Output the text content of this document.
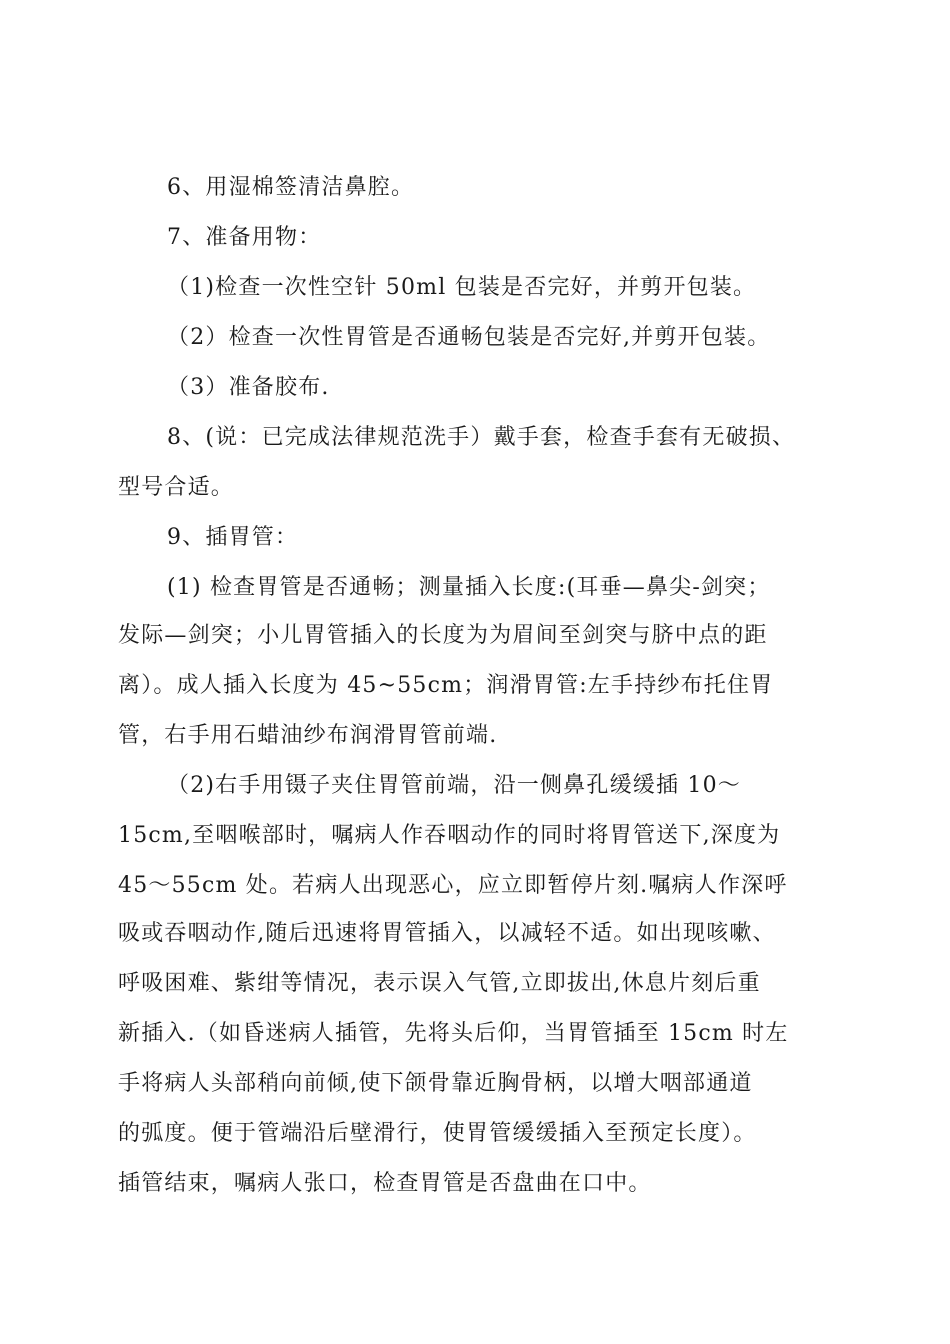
6、用湿棉签清洁鼻腔。
7、准备用物：
（1)检查一次性空针 50ml 包装是否完好，并剪开包装。
（2）检查一次性胃管是否通畅包装是否完好,并剪开包装。
（3）准备胶布.
8、(说：已完成法律规范洗手）戴手套，检查手套有无破损、
型号合适。
9、插胃管：
(1) 检查胃管是否通畅；测量插入长度:(耳垂—鼻尖-剑突；
发际—剑突；小儿胃管插入的长度为为眉间至剑突与脐中点的距
离）。成人插入长度为 45~55cm；润滑胃管:左手持纱布托住胃
管，右手用石蜡油纱布润滑胃管前端.
（2)右手用镊子夹住胃管前端，沿一侧鼻孔缓缓插 10～
15cm,至咽喉部时，嘱病人作吞咽动作的同时将胃管送下,深度为
45～55cm 处。若病人出现恶心，应立即暂停片刻.嘱病人作深呼
吸或吞咽动作,随后迅速将胃管插入，以减轻不适。如出现咳嗽、
呼吸困难、紫绀等情况，表示误入气管,立即拔出,休息片刻后重
新插入.（如昏迷病人插管，先将头后仰，当胃管插至 15cm 时左
手将病人头部稍向前倾,使下颌骨靠近胸骨柄，以增大咽部通道
的弧度。便于管端沿后壁滑行，使胃管缓缓插入至预定长度）。
插管结束，嘱病人张口，检查胃管是否盘曲在口中。
